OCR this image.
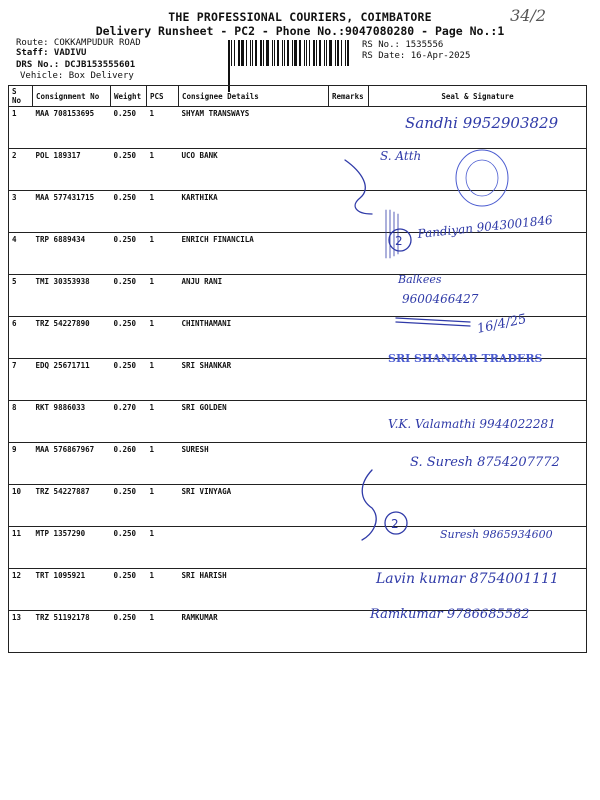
34/2
THE PROFESSIONAL COURIERS, COIMBATORE
Delivery Runsheet - PC2 - Phone No.:9047080280 - Page No.:1
Route: COKKAMPUDUR ROAD
Staff: VADIVU
DRS No.: DCJB153555601
Vehicle: Box Delivery
RS No.: 1535556
RS Date: 16-Apr-2025
S No	Consignment No	Weight	PCS	Consignee Details	Remarks	Seal & Signature
1	MAA 708153695	0.250	1	SHYAM TRANSWAYS		
2	POL 189317	0.250	1	UCO BANK		
3	MAA 577431715	0.250	1	KARTHIKA		
4	TRP 6889434	0.250	1	ENRICH FINANCILA		
5	TMI 30353938	0.250	1	ANJU RANI		
6	TRZ 54227890	0.250	1	CHINTHAMANI		
7	EDQ 25671711	0.250	1	SRI SHANKAR		
8	RKT 9886033	0.270	1	SRI GOLDEN		
9	MAA 576867967	0.260	1	SURESH		
10	TRZ 54227887	0.250	1	SRI VINYAGA		
11	MTP 1357290	0.250	1			
12	TRT 1095921	0.250	1	SRI HARISH		
13	TRZ 51192178	0.250	1	RAMKUMAR		
Sandhi 9952903829
S. Atth
Pandiyan 9043001846
Balkees
9600466427
16/4/25
SRI SHANKAR TRADERS
V.K. Valamathi 9944022281
S. Suresh 8754207772
Suresh 9865934600
Lavin kumar 8754001111
Ramkumar 9786685582
2
2
